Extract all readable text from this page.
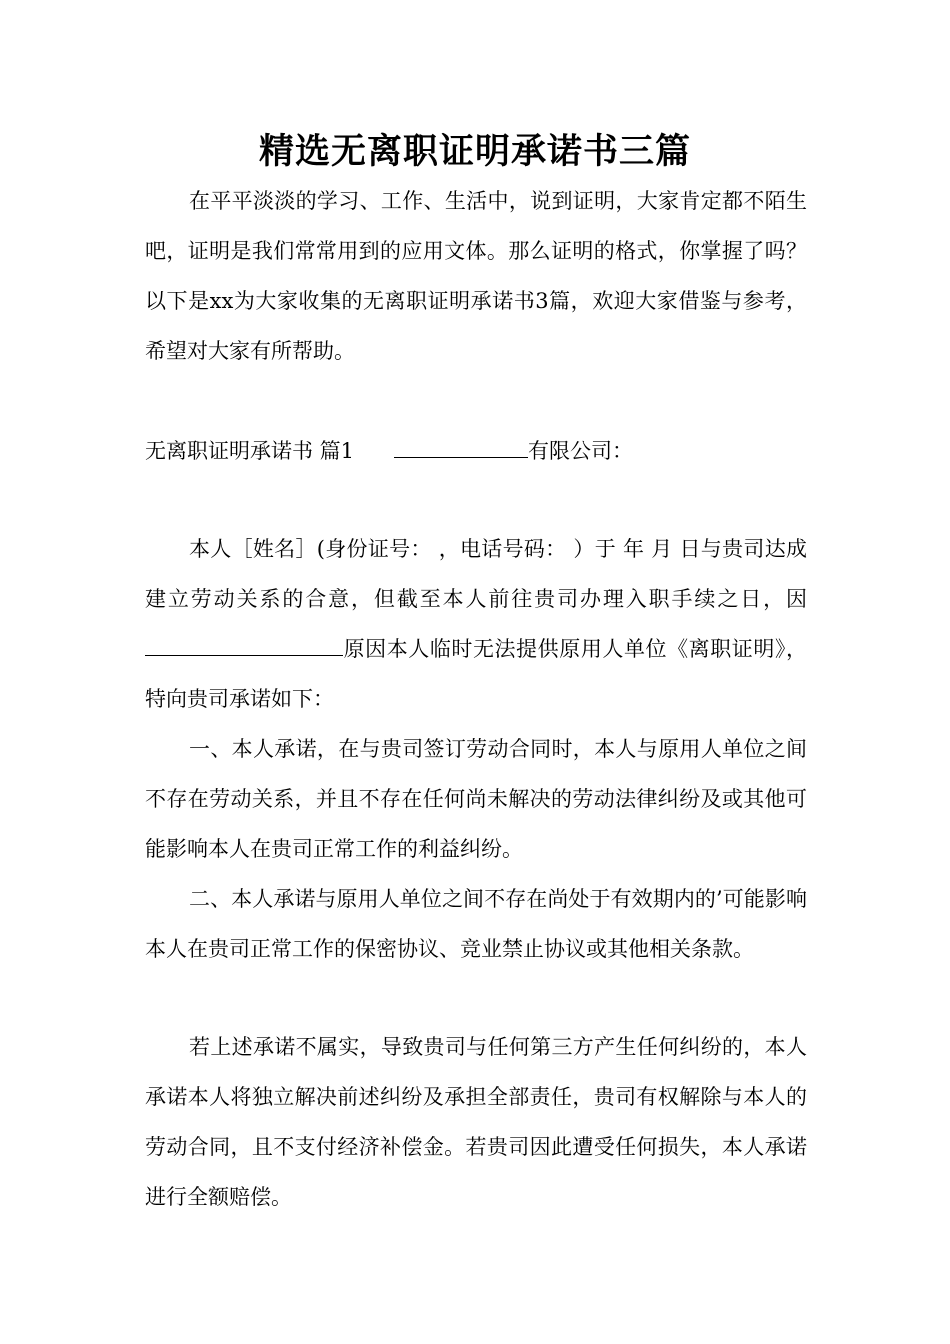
精选无离职证明承诺书三篇

在平平淡淡的学习、工作、生活中，说到证明，大家肯定都不陌生吧，证明是我们常常用到的应用文体。那么证明的格式，你掌握了吗？以下是xx为大家收集的无离职证明承诺书3篇，欢迎大家借鉴与参考，希望对大家有所帮助。

无离职证明承诺书 篇1	有限公司：

本人［姓名］(身份证号： ，电话号码： ）于 年 月 日与贵司达成建立劳动关系的合意，但截至本人前往贵司办理入职手续之日，因原因本人临时无法提供原用人单位《离职证明》，特向贵司承诺如下：

一、本人承诺，在与贵司签订劳动合同时，本人与原用人单位之间不存在劳动关系，并且不存在任何尚未解决的劳动法律纠纷及或其他可能影响本人在贵司正常工作的利益纠纷。

二、本人承诺与原用人单位之间不存在尚处于有效期内的’可能影响本人在贵司正常工作的保密协议、竞业禁止协议或其他相关条款。

若上述承诺不属实，导致贵司与任何第三方产生任何纠纷的，本人承诺本人将独立解决前述纠纷及承担全部责任，贵司有权解除与本人的劳动合同，且不支付经济补偿金。若贵司因此遭受任何损失，本人承诺进行全额赔偿。
